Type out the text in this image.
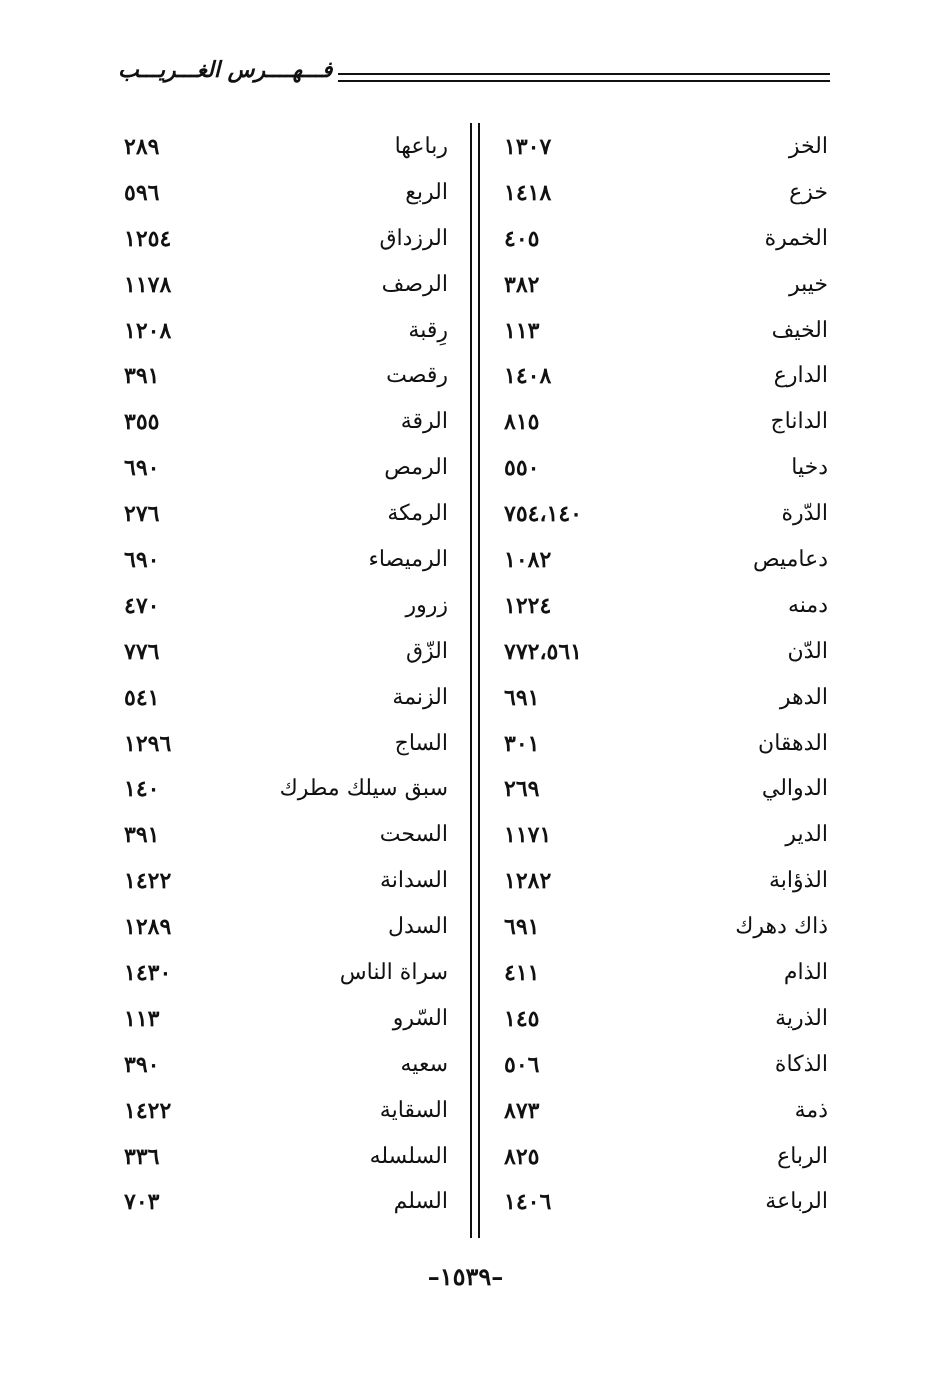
فـــهــــرس الغـــريـــب
الخز
١٣٠٧
خزع
١٤١٨
الخمرة
٤٠٥
خيبر
٣٨٢
الخيف
١١٣
الدارع
١٤٠٨
الداناج
٨١٥
دخيا
٥٥٠
الدّرة
٧٥٤،١٤٠
دعاميص
١٠٨٢
دمنه
١٢٢٤
الدّن
٧٧٢،٥٦١
الدهر
٦٩١
الدهقان
٣٠١
الدوالي
٢٦٩
الدير
١١٧١
الذؤابة
١٢٨٢
ذاك دهرك
٦٩١
الذام
٤١١
الذرية
١٤٥
الذكاة
٥٠٦
ذمة
٨٧٣
الرباع
٨٢٥
الرباعة
١٤٠٦
رباعها
٢٨٩
الربع
٥٩٦
الرزداق
١٢٥٤
الرصف
١١٧٨
رِقبة
١٢٠٨
رقصت
٣٩١
الرقة
٣٥٥
الرمص
٦٩٠
الرمكة
٢٧٦
الرميصاء
٦٩٠
زرور
٤٧٠
الزّق
٧٧٦
الزنمة
٥٤١
الساج
١٢٩٦
سبق سيلك مطرك
١٤٠
السحت
٣٩١
السدانة
١٤٢٢
السدل
١٢٨٩
سراة الناس
١٤٣٠
السّرو
١١٣
سعيه
٣٩٠
السقاية
١٤٢٢
السلسله
٣٣٦
السلم
٧٠٣
–١٥٣٩–
